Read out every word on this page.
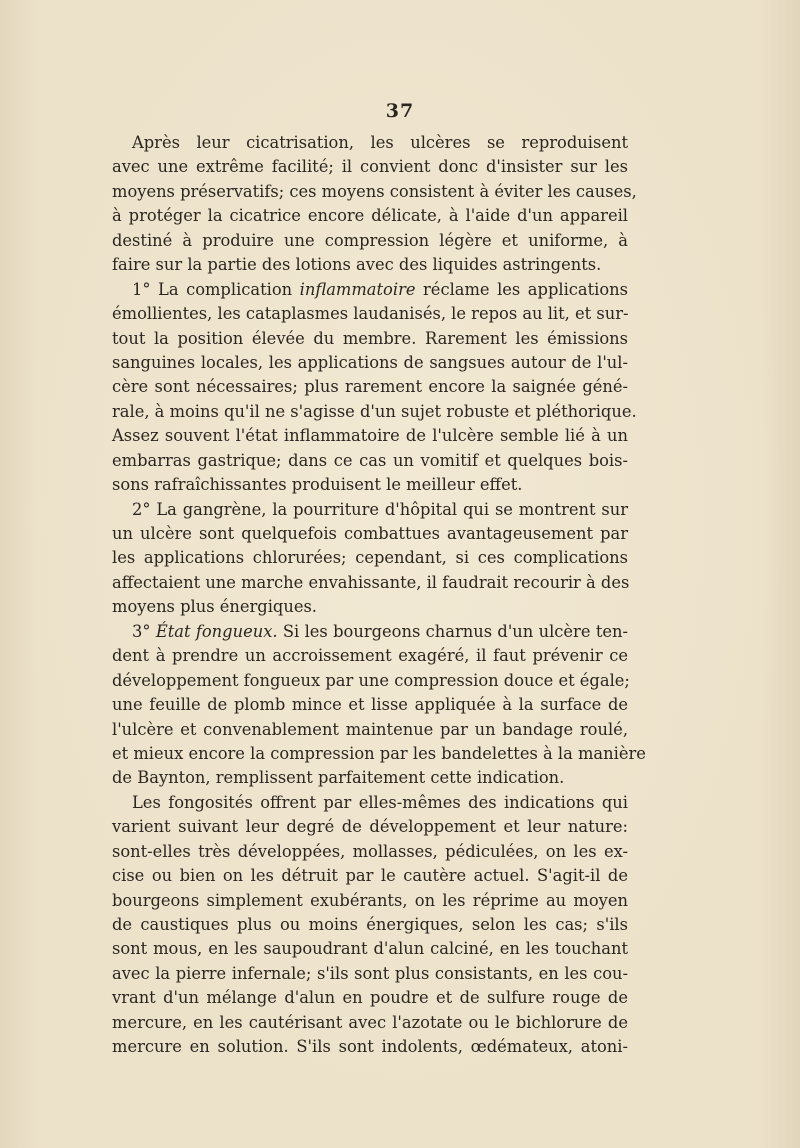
37
Après leur cicatrisation, les ulcères se reproduisent
avec une extrême facilité; il convient donc d'insister sur les
moyens préservatifs; ces moyens consistent à éviter les causes,
à protéger la cicatrice encore délicate, à l'aide d'un appareil
destiné à produire une compression légère et uniforme, à
faire sur la partie des lotions avec des liquides astringents.
1° La complication inflammatoire réclame les applications
émollientes, les cataplasmes laudanisés, le repos au lit, et sur-
tout la position élevée du membre. Rarement les émissions
sanguines locales, les applications de sangsues autour de l'ul-
cère sont nécessaires; plus rarement encore la saignée géné-
rale, à moins qu'il ne s'agisse d'un sujet robuste et pléthorique.
Assez souvent l'état inflammatoire de l'ulcère semble lié à un
embarras gastrique; dans ce cas un vomitif et quelques bois-
sons rafraîchissantes produisent le meilleur effet.
2° La gangrène, la pourriture d'hôpital qui se montrent sur
un ulcère sont quelquefois combattues avantageusement par
les applications chlorurées; cependant, si ces complications
affectaient une marche envahissante, il faudrait recourir à des
moyens plus énergiques.
3° État fongueux. Si les bourgeons charnus d'un ulcère ten-
dent à prendre un accroissement exagéré, il faut prévenir ce
développement fongueux par une compression douce et égale;
une feuille de plomb mince et lisse appliquée à la surface de
l'ulcère et convenablement maintenue par un bandage roulé,
et mieux encore la compression par les bandelettes à la manière
de Baynton, remplissent parfaitement cette indication.
Les fongosités offrent par elles-mêmes des indications qui
varient suivant leur degré de développement et leur nature:
sont-elles très développées, mollasses, pédiculées, on les ex-
cise ou bien on les détruit par le cautère actuel. S'agit-il de
bourgeons simplement exubérants, on les réprime au moyen
de caustiques plus ou moins énergiques, selon les cas; s'ils
sont mous, en les saupoudrant d'alun calciné, en les touchant
avec la pierre infernale; s'ils sont plus consistants, en les cou-
vrant d'un mélange d'alun en poudre et de sulfure rouge de
mercure, en les cautérisant avec l'azotate ou le bichlorure de
mercure en solution. S'ils sont indolents, œdémateux, atoni-
